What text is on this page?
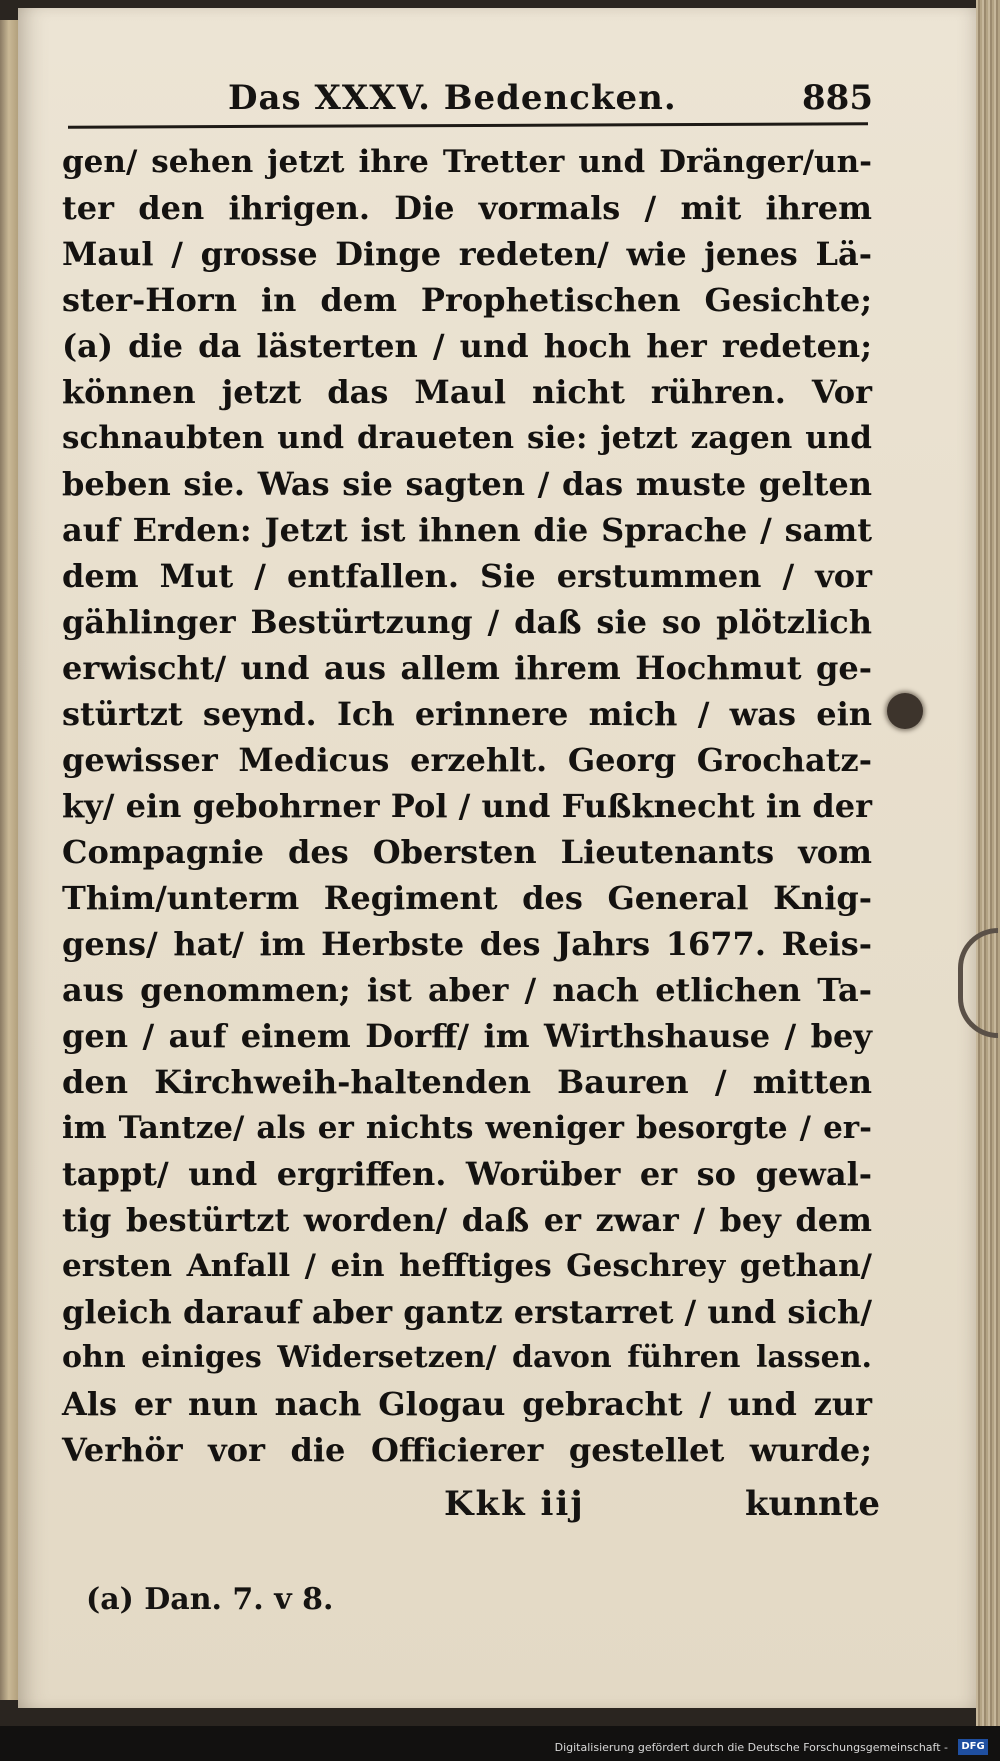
Das XXXV. Bedencken.	885
gen/ sehen jetzt ihre Tretter und Dränger/un-
ter den ihrigen. Die vormals / mit ihrem
Maul / grosse Dinge redeten/ wie jenes Lä-
ster-Horn in dem Prophetischen Gesichte;
(a) die da lästerten / und hoch her redeten;
können jetzt das Maul nicht rühren. Vor
schnaubten und draueten sie: jetzt zagen und
beben sie. Was sie sagten / das muste gelten
auf Erden: Jetzt ist ihnen die Sprache / samt
dem Mut / entfallen. Sie erstummen / vor
gählinger Bestürtzung / daß sie so plötzlich
erwischt/ und aus allem ihrem Hochmut ge-
stürtzt seynd. Ich erinnere mich / was ein
gewisser Medicus erzehlt. Georg Grochatz-
ky/ ein gebohrner Pol / und Fußknecht in der
Compagnie des Obersten Lieutenants vom
Thim/unterm Regiment des General Knig-
gens/ hat/ im Herbste des Jahrs 1677. Reis-
aus genommen; ist aber / nach etlichen Ta-
gen / auf einem Dorff/ im Wirthshause / bey
den Kirchweih-haltenden Bauren / mitten
im Tantze/ als er nichts weniger besorgte / er-
tappt/ und ergriffen. Worüber er so gewal-
tig bestürtzt worden/ daß er zwar / bey dem
ersten Anfall / ein hefftiges Geschrey gethan/
gleich darauf aber gantz erstarret / und sich/
ohn einiges Widersetzen/ davon führen lassen.
Als er nun nach Glogau gebracht / und zur
Verhör vor die Officierer gestellet wurde;
Kkk iij	kunnte
(a) Dan. 7. v 8.
Digitalisierung gefördert durch die Deutsche Forschungsgemeinschaft -	DFG
